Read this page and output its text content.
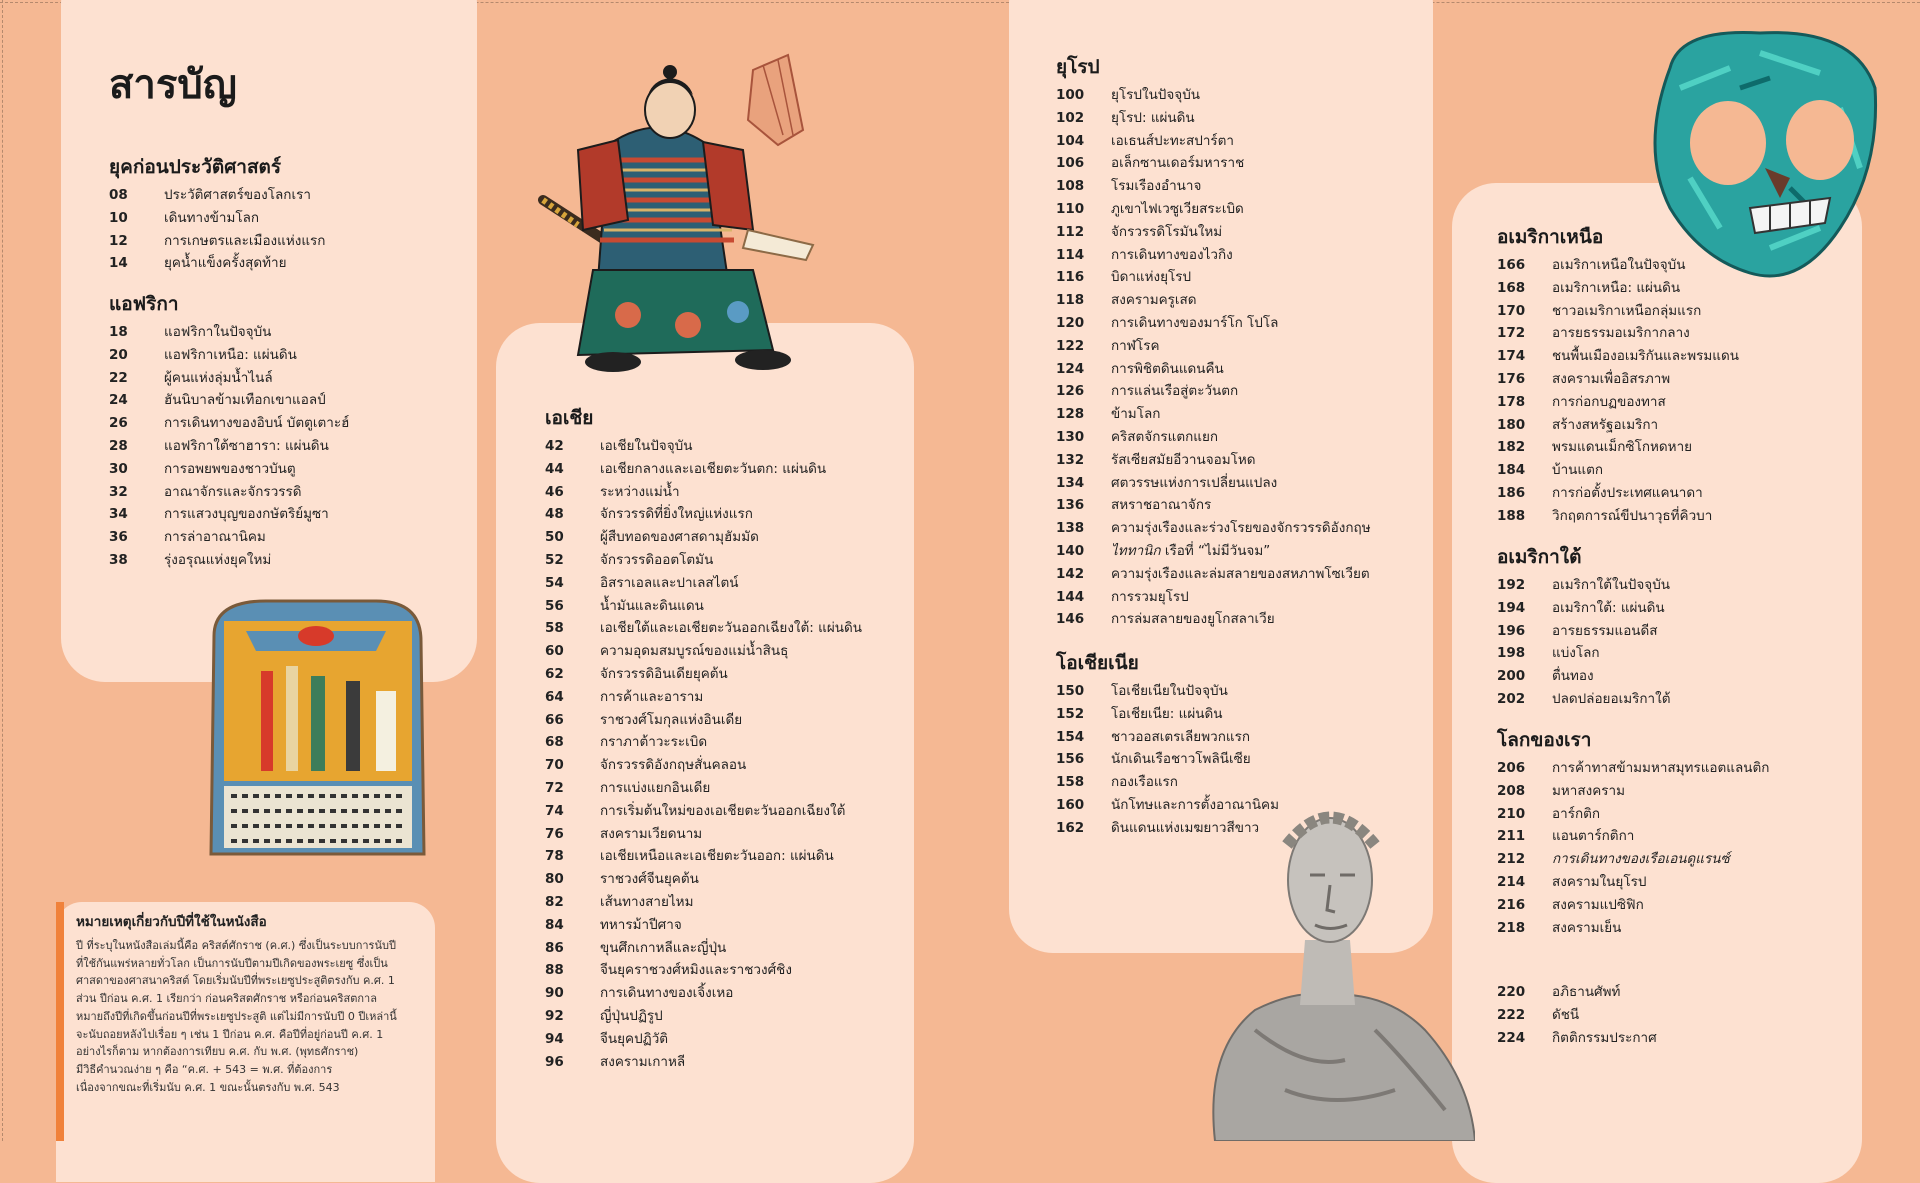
สารบัญ
ยุคก่อนประวัติศาสตร์
08	ประวัติศาสตร์ของโลกเรา
10	เดินทางข้ามโลก
12	การเกษตรและเมืองแห่งแรก
14	ยุคน้ำแข็งครั้งสุดท้าย
แอฟริกา
18	แอฟริกาในปัจจุบัน
20	แอฟริกาเหนือ: แผ่นดิน
22	ผู้คนแห่งลุ่มน้ำไนล์
24	ฮันนิบาลข้ามเทือกเขาแอลป์
26	การเดินทางของอิบน์ บัตตูเตาะฮ์
28	แอฟริกาใต้ซาฮารา: แผ่นดิน
30	การอพยพของชาวบันตู
32	อาณาจักรและจักรวรรดิ
34	การแสวงบุญของกษัตริย์มูซา
36	การล่าอาณานิคม
38	รุ่งอรุณแห่งยุคใหม่
เอเชีย
42	เอเชียในปัจจุบัน
44	เอเชียกลางและเอเชียตะวันตก: แผ่นดิน
46	ระหว่างแม่น้ำ
48	จักรวรรดิที่ยิ่งใหญ่แห่งแรก
50	ผู้สืบทอดของศาสดามุฮัมมัด
52	จักรวรรดิออตโตมัน
54	อิสราเอลและปาเลสไตน์
56	น้ำมันและดินแดน
58	เอเชียใต้และเอเชียตะวันออกเฉียงใต้: แผ่นดิน
60	ความอุดมสมบูรณ์ของแม่น้ำสินธุ
62	จักรวรรดิอินเดียยุคต้น
64	การค้าและอาราม
66	ราชวงศ์โมกุลแห่งอินเดีย
68	กราภาต้าวะระเบิด
70	จักรวรรดิอังกฤษสั่นคลอน
72	การแบ่งแยกอินเดีย
74	การเริ่มต้นใหม่ของเอเชียตะวันออกเฉียงใต้
76	สงครามเวียดนาม
78	เอเชียเหนือและเอเชียตะวันออก: แผ่นดิน
80	ราชวงศ์จีนยุคต้น
82	เส้นทางสายไหม
84	ทหารม้าปีศาจ
86	ขุนศึกเกาหลีและญี่ปุ่น
88	จีนยุคราชวงศ์หมิงและราชวงศ์ชิง
90	การเดินทางของเจิ้งเหอ
92	ญี่ปุ่นปฏิรูป
94	จีนยุคปฏิวัติ
96	สงครามเกาหลี
ยุโรป
100 ยุโรปในปัจจุบัน
102 ยุโรป: แผ่นดิน
104 เอเธนส์ปะทะสปาร์ตา
106 อเล็กซานเดอร์มหาราช
108 โรมเรืองอำนาจ
110 ภูเขาไฟเวซูเวียสระเบิด
112 จักรวรรดิโรมันใหม่
114 การเดินทางของไวกิง
116 บิดาแห่งยุโรป
118 สงครามครูเสด
120 การเดินทางของมาร์โก โปโล
122 กาฬโรค
124 การพิชิตดินแดนคืน
126 การแล่นเรือสู่ตะวันตก
128 ข้ามโลก
130 คริสตจักรแตกแยก
132 รัสเซียสมัยอีวานจอมโหด
134 ศตวรรษแห่งการเปลี่ยนแปลง
136 สหราชอาณาจักร
138 ความรุ่งเรืองและร่วงโรยของจักรวรรดิอังกฤษ
140 ไททานิก เรือที่ “ไม่มีวันจม”
142 ความรุ่งเรืองและล่มสลายของสหภาพโซเวียต
144 การรวมยุโรป
146 การล่มสลายของยูโกสลาเวีย
โอเชียเนีย
150 โอเชียเนียในปัจจุบัน
152 โอเชียเนีย: แผ่นดิน
154 ชาวออสเตรเลียพวกแรก
156 นักเดินเรือชาวโพลินีเซีย
158 กองเรือแรก
160 นักโทษและการตั้งอาณานิคม
162 ดินแดนแห่งเมฆยาวสีขาว
อเมริกาเหนือ
166 อเมริกาเหนือในปัจจุบัน
168 อเมริกาเหนือ: แผ่นดิน
170 ชาวอเมริกาเหนือกลุ่มแรก
172 อารยธรรมอเมริกากลาง
174 ชนพื้นเมืองอเมริกันและพรมแดน
176 สงครามเพื่ออิสรภาพ
178 การก่อกบฏของทาส
180 สร้างสหรัฐอเมริกา
182 พรมแดนเม็กซิโกหดหาย
184 บ้านแตก
186 การก่อตั้งประเทศแคนาดา
188 วิกฤตการณ์ขีปนาวุธที่คิวบา
อเมริกาใต้
192 อเมริกาใต้ในปัจจุบัน
194 อเมริกาใต้: แผ่นดิน
196 อารยธรรมแอนดีส
198 แบ่งโลก
200 ตื่นทอง
202 ปลดปล่อยอเมริกาใต้
โลกของเรา
206 การค้าทาสข้ามมหาสมุทรแอตแลนติก
208 มหาสงคราม
210 อาร์กติก
211 แอนตาร์กติกา
212 การเดินทางของเรือเอนดูแรนซ์
214 สงครามในยุโรป
216 สงครามแปซิฟิก
218 สงครามเย็น
220 อภิธานศัพท์
222 ดัชนี
224 กิตติกรรมประกาศ
หมายเหตุเกี่ยวกับปีที่ใช้ในหนังสือ

ปี ที่ระบุในหนังสือเล่มนี้คือ คริสต์ศักราช (ค.ศ.) ซึ่งเป็นระบบการนับปี
ที่ใช้กันแพร่หลายทั่วโลก เป็นการนับปีตามปีเกิดของพระเยซู ซึ่งเป็น
ศาสดาของศาสนาคริสต์ โดยเริ่มนับปีที่พระเยซูประสูติตรงกับ ค.ศ. 1
ส่วน ปีก่อน ค.ศ. 1 เรียกว่า ก่อนคริสตศักราช หรือก่อนคริสตกาล
หมายถึงปีที่เกิดขึ้นก่อนปีที่พระเยซูประสูติ แต่ไม่มีการนับปี 0 ปีเหล่านี้
จะนับถอยหลังไปเรื่อย ๆ เช่น 1 ปีก่อน ค.ศ. คือปีที่อยู่ก่อนปี ค.ศ. 1
อย่างไรก็ตาม หากต้องการเทียบ ค.ศ. กับ พ.ศ. (พุทธศักราช)
มีวิธีคำนวณง่าย ๆ คือ “ค.ศ. + 543 = พ.ศ. ที่ต้องการ
เนื่องจากขณะที่เริ่มนับ ค.ศ. 1 ขณะนั้นตรงกับ พ.ศ. 543
